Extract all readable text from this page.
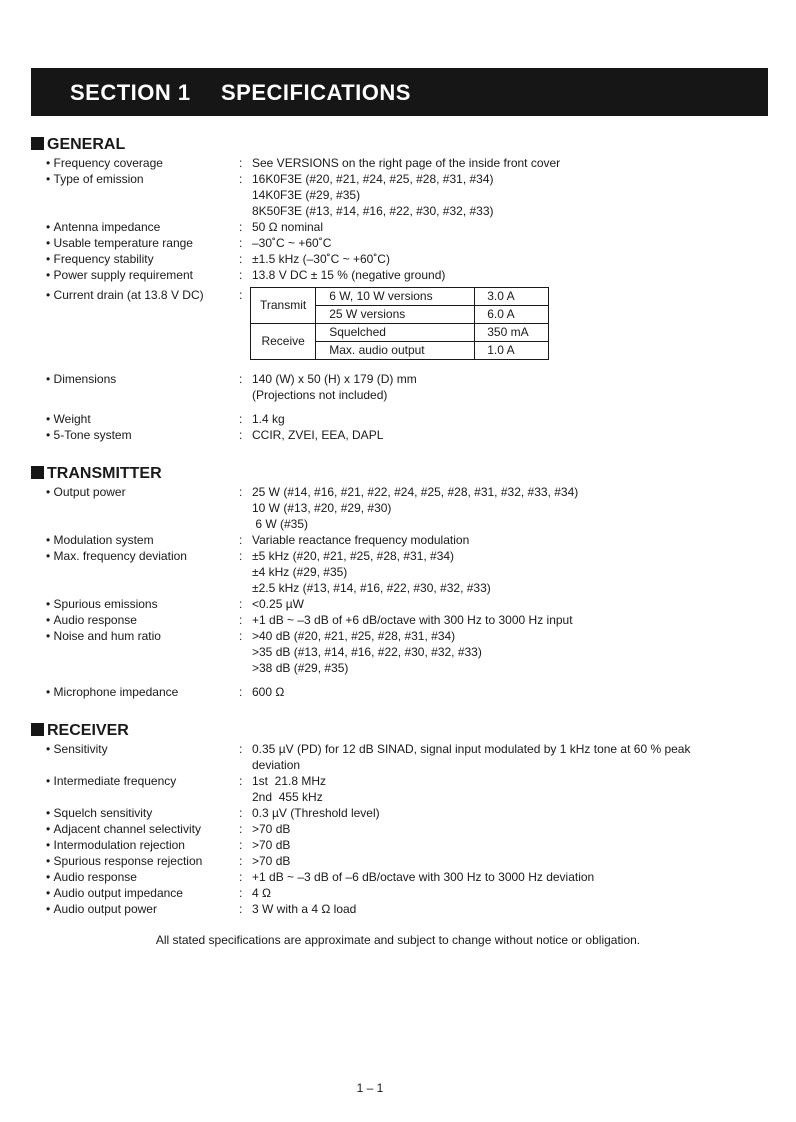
SECTION 1 SPECIFICATIONS
GENERAL
• Frequency coverage	: See VERSIONS on the right page of the inside front cover
• Type of emission	: 16K0F3E (#20, #21, #24, #25, #28, #31, #34)
14K0F3E (#29, #35)
8K50F3E (#13, #14, #16, #22, #30, #32, #33)
• Antenna impedance	: 50 Ω nominal
• Usable temperature range	: –30˚C ~ +60˚C
• Frequency stability	: ±1.5 kHz (–30˚C ~ +60˚C)
• Power supply requirement	: 13.8 V DC ± 15 % (negative ground)
• Current drain (at 13.8 V DC)	:
Transmit	6 W, 10 W versions	3.0 A
	25 W versions	6.0 A
Receive	Squelched	350 mA
	Max. audio output	1.0 A
• Dimensions	: 140 (W) x 50 (H) x 179 (D) mm
(Projections not included)
• Weight	: 1.4 kg
• 5-Tone system	: CCIR, ZVEI, EEA, DAPL
TRANSMITTER
• Output power	: 25 W (#14, #16, #21, #22, #24, #25, #28, #31, #32, #33, #34)
10 W (#13, #20, #29, #30)
6 W (#35)
• Modulation system	: Variable reactance frequency modulation
• Max. frequency deviation	: ±5 kHz (#20, #21, #25, #28, #31, #34)
±4 kHz (#29, #35)
±2.5 kHz (#13, #14, #16, #22, #30, #32, #33)
• Spurious emissions	: <0.25 µW
• Audio response	: +1 dB ~ –3 dB of +6 dB/octave with 300 Hz to 3000 Hz input
• Noise and hum ratio	: >40 dB (#20, #21, #25, #28, #31, #34)
>35 dB (#13, #14, #16, #22, #30, #32, #33)
>38 dB (#29, #35)
• Microphone impedance	: 600 Ω
RECEIVER
• Sensitivity	: 0.35 µV (PD) for 12 dB SINAD, signal input modulated by 1 kHz tone at 60 % peak
deviation
• Intermediate frequency	: 1st  21.8 MHz
2nd  455 kHz
• Squelch sensitivity	: 0.3 µV (Threshold level)
• Adjacent channel selectivity	: >70 dB
• Intermodulation rejection	: >70 dB
• Spurious response rejection	: >70 dB
• Audio response	: +1 dB ~ –3 dB of –6 dB/octave with 300 Hz to 3000 Hz deviation
• Audio output impedance	: 4 Ω
• Audio output power	: 3 W with a 4 Ω load
All stated specifications are approximate and subject to change without notice or obligation.
1 – 1
